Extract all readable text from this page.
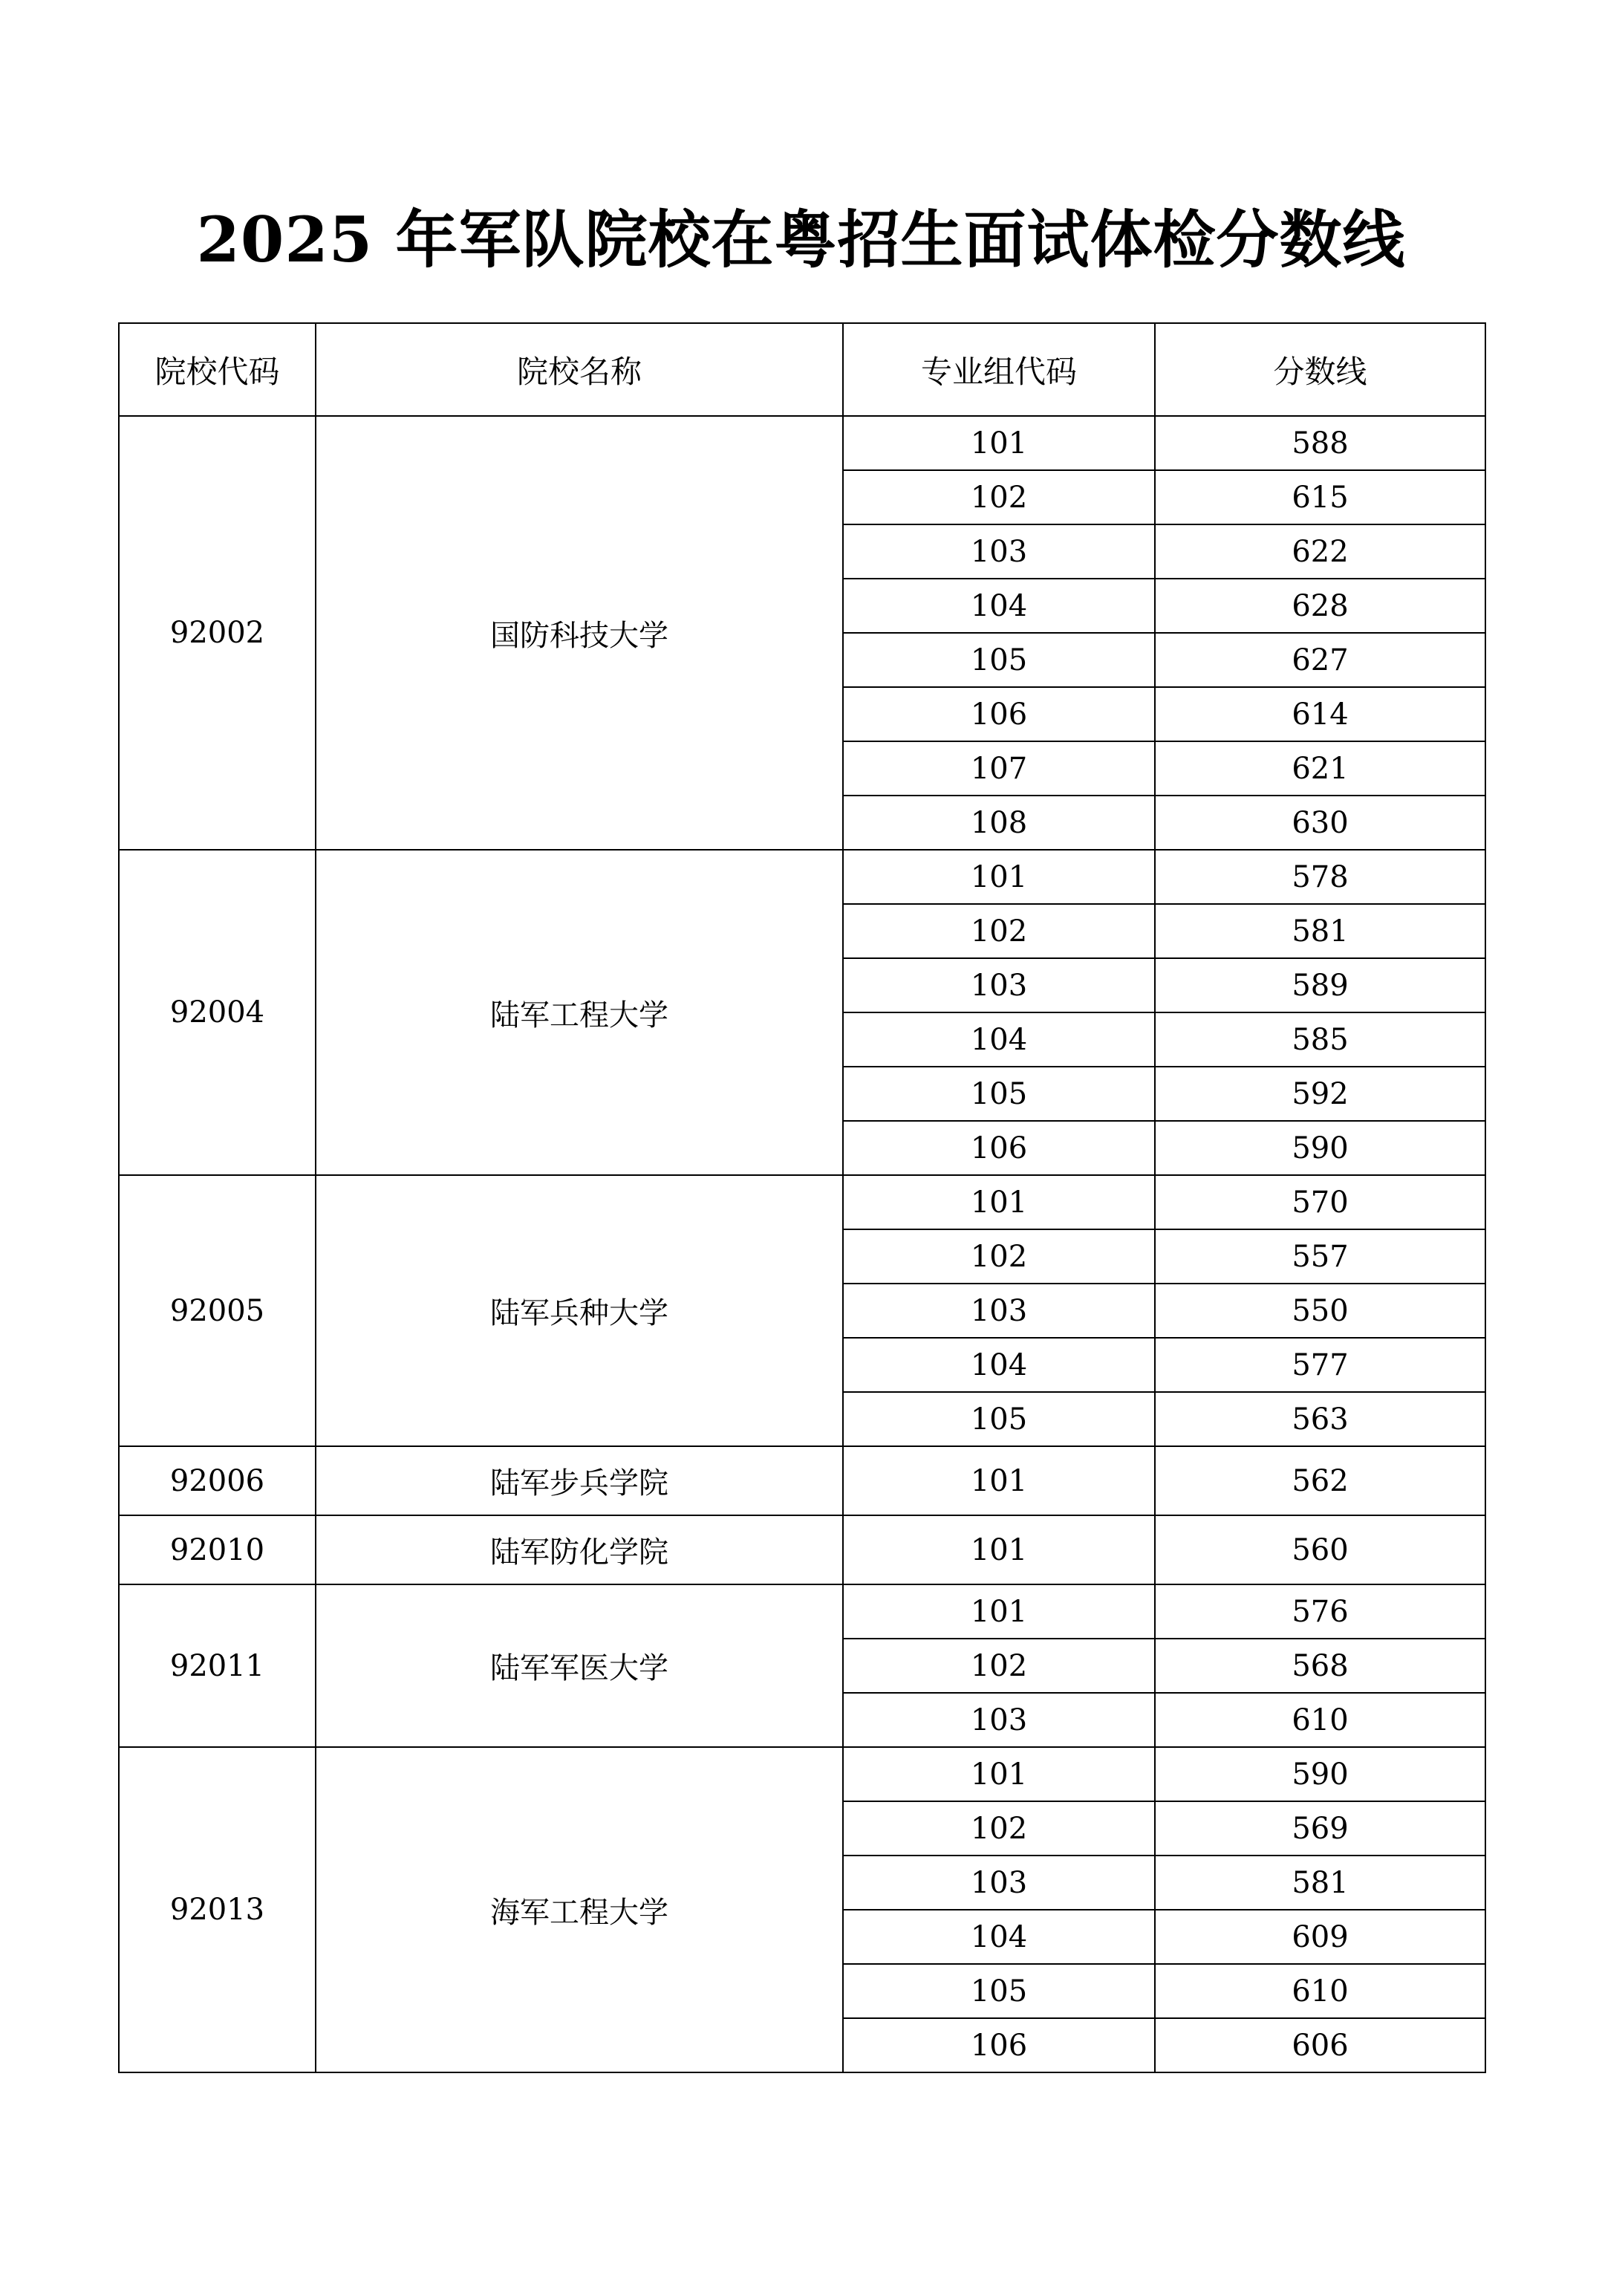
2025 年军队院校在粤招生面试体检分数线
院校代码	院校名称	专业组代码	分数线
92002	国防科技大学	101	588
		102	615
		103	622
		104	628
		105	627
		106	614
		107	621
		108	630
92004	陆军工程大学	101	578
		102	581
		103	589
		104	585
		105	592
		106	590
92005	陆军兵种大学	101	570
		102	557
		103	550
		104	577
		105	563
92006	陆军步兵学院	101	562
92010	陆军防化学院	101	560
92011	陆军军医大学	101	576
		102	568
		103	610
92013	海军工程大学	101	590
		102	569
		103	581
		104	609
		105	610
		106	606
